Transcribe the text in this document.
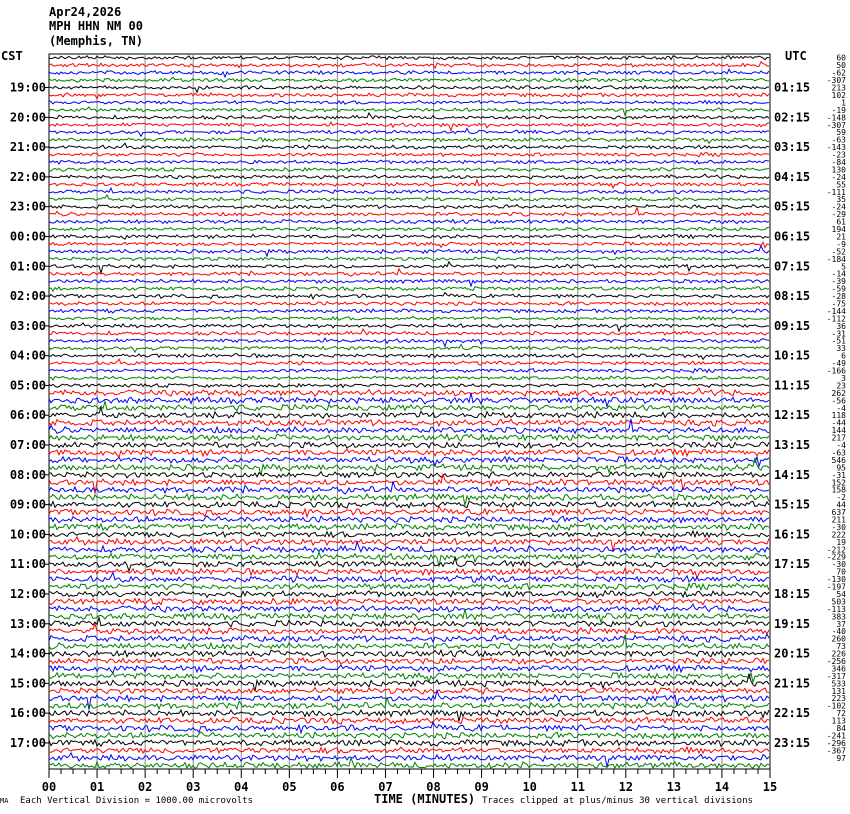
19:00
20:00
21:00
22:00
23:00
00:00
01:00
02:00
03:00
04:00
05:00
06:00
07:00
08:00
09:00
10:00
11:00
12:00
13:00
14:00
15:00
16:00
17:00
01:15
02:15
03:15
04:15
05:15
06:15
07:15
08:15
09:15
10:15
11:15
12:15
13:15
14:15
15:15
16:15
17:15
18:15
19:15
20:15
21:15
22:15
23:15
60
50
-62
-307
213
102
1
-19
-148
-307
59
-63
-143
-23
-84
130
-24
55
-111
35
-24
-29
61
194
21
-9
-52
-184
5
-14
-39
-59
-28
-75
-144
-112
36
-31
-51
33
6
-49
-166
3
23
262
-56
-4
118
-44
144
217
-4
-63
546
95
-31
152
158
-2
44
637
211
-30
222
19
-212
-229
-30
70
-130
-197
54
503
-113
383
37
-40
260
73
226
-256
346
-317
533
131
223
-102
72
113
84
-241
-296
-367
97
00	01	02	03	04	05	06	07	08	09	10	11	12	13	14	15
Apr24,2026
MPH HHN NM 00
(Memphis, TN)
CST	UTC
MA Each Vertical Division = 1000.00 microvolts	TIME (MINUTES) Traces clipped at plus/minus 30 vertical divisions
